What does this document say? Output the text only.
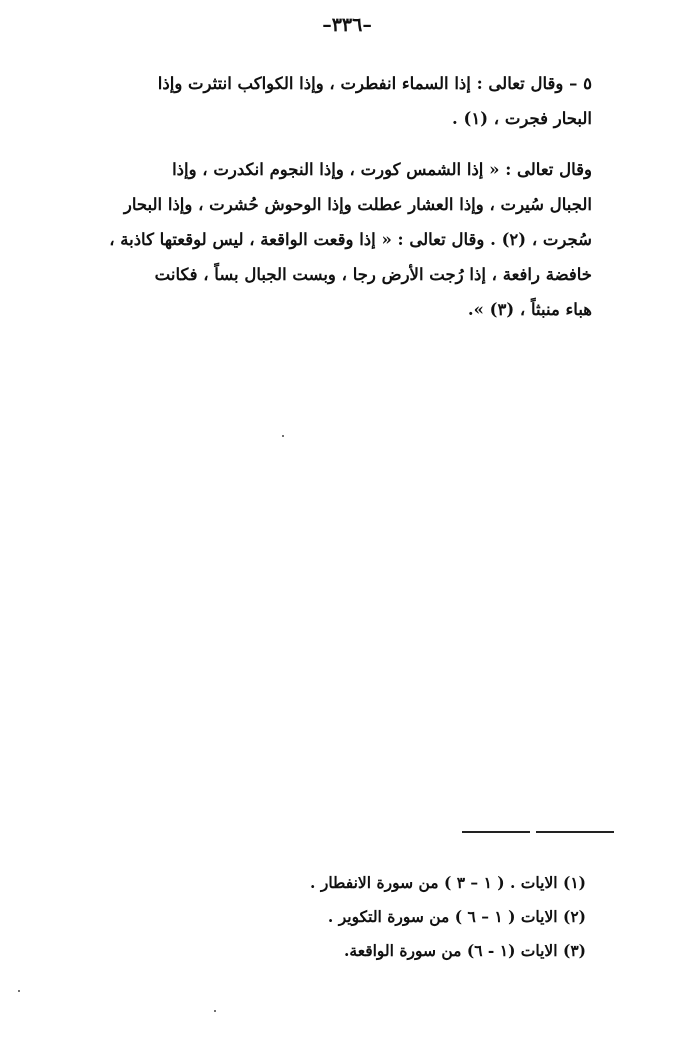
–٣٣٦–
٥ – وقال تعالى : إذا السماء انفطرت ، وإذا الكواكب انتثرت وإذا
البحار فجرت ، (١) .
وقال تعالى : « إذا الشمس كورت ، وإذا النجوم انكدرت ، وإذا
الجبال سُيرت ، وإذا العشار عطلت وإذا الوحوش حُشرت ، وإذا البحار
سُجرت ، (٢) . وقال تعالى : « إذا وقعت الواقعة ، ليس لوقعتها كاذبة ،
خافضة رافعة ، إذا رُجت الأرض رجا ، وبست الجبال بساً ، فكانت
هباء منبثاً ، (٣) ».
(١) الايات . ( ١ – ٣ ) من سورة الانفطار .
(٢) الايات ( ١ – ٦ ) من سورة التكوير .
(٣) الايات (١ - ٦) من سورة الواقعة.
